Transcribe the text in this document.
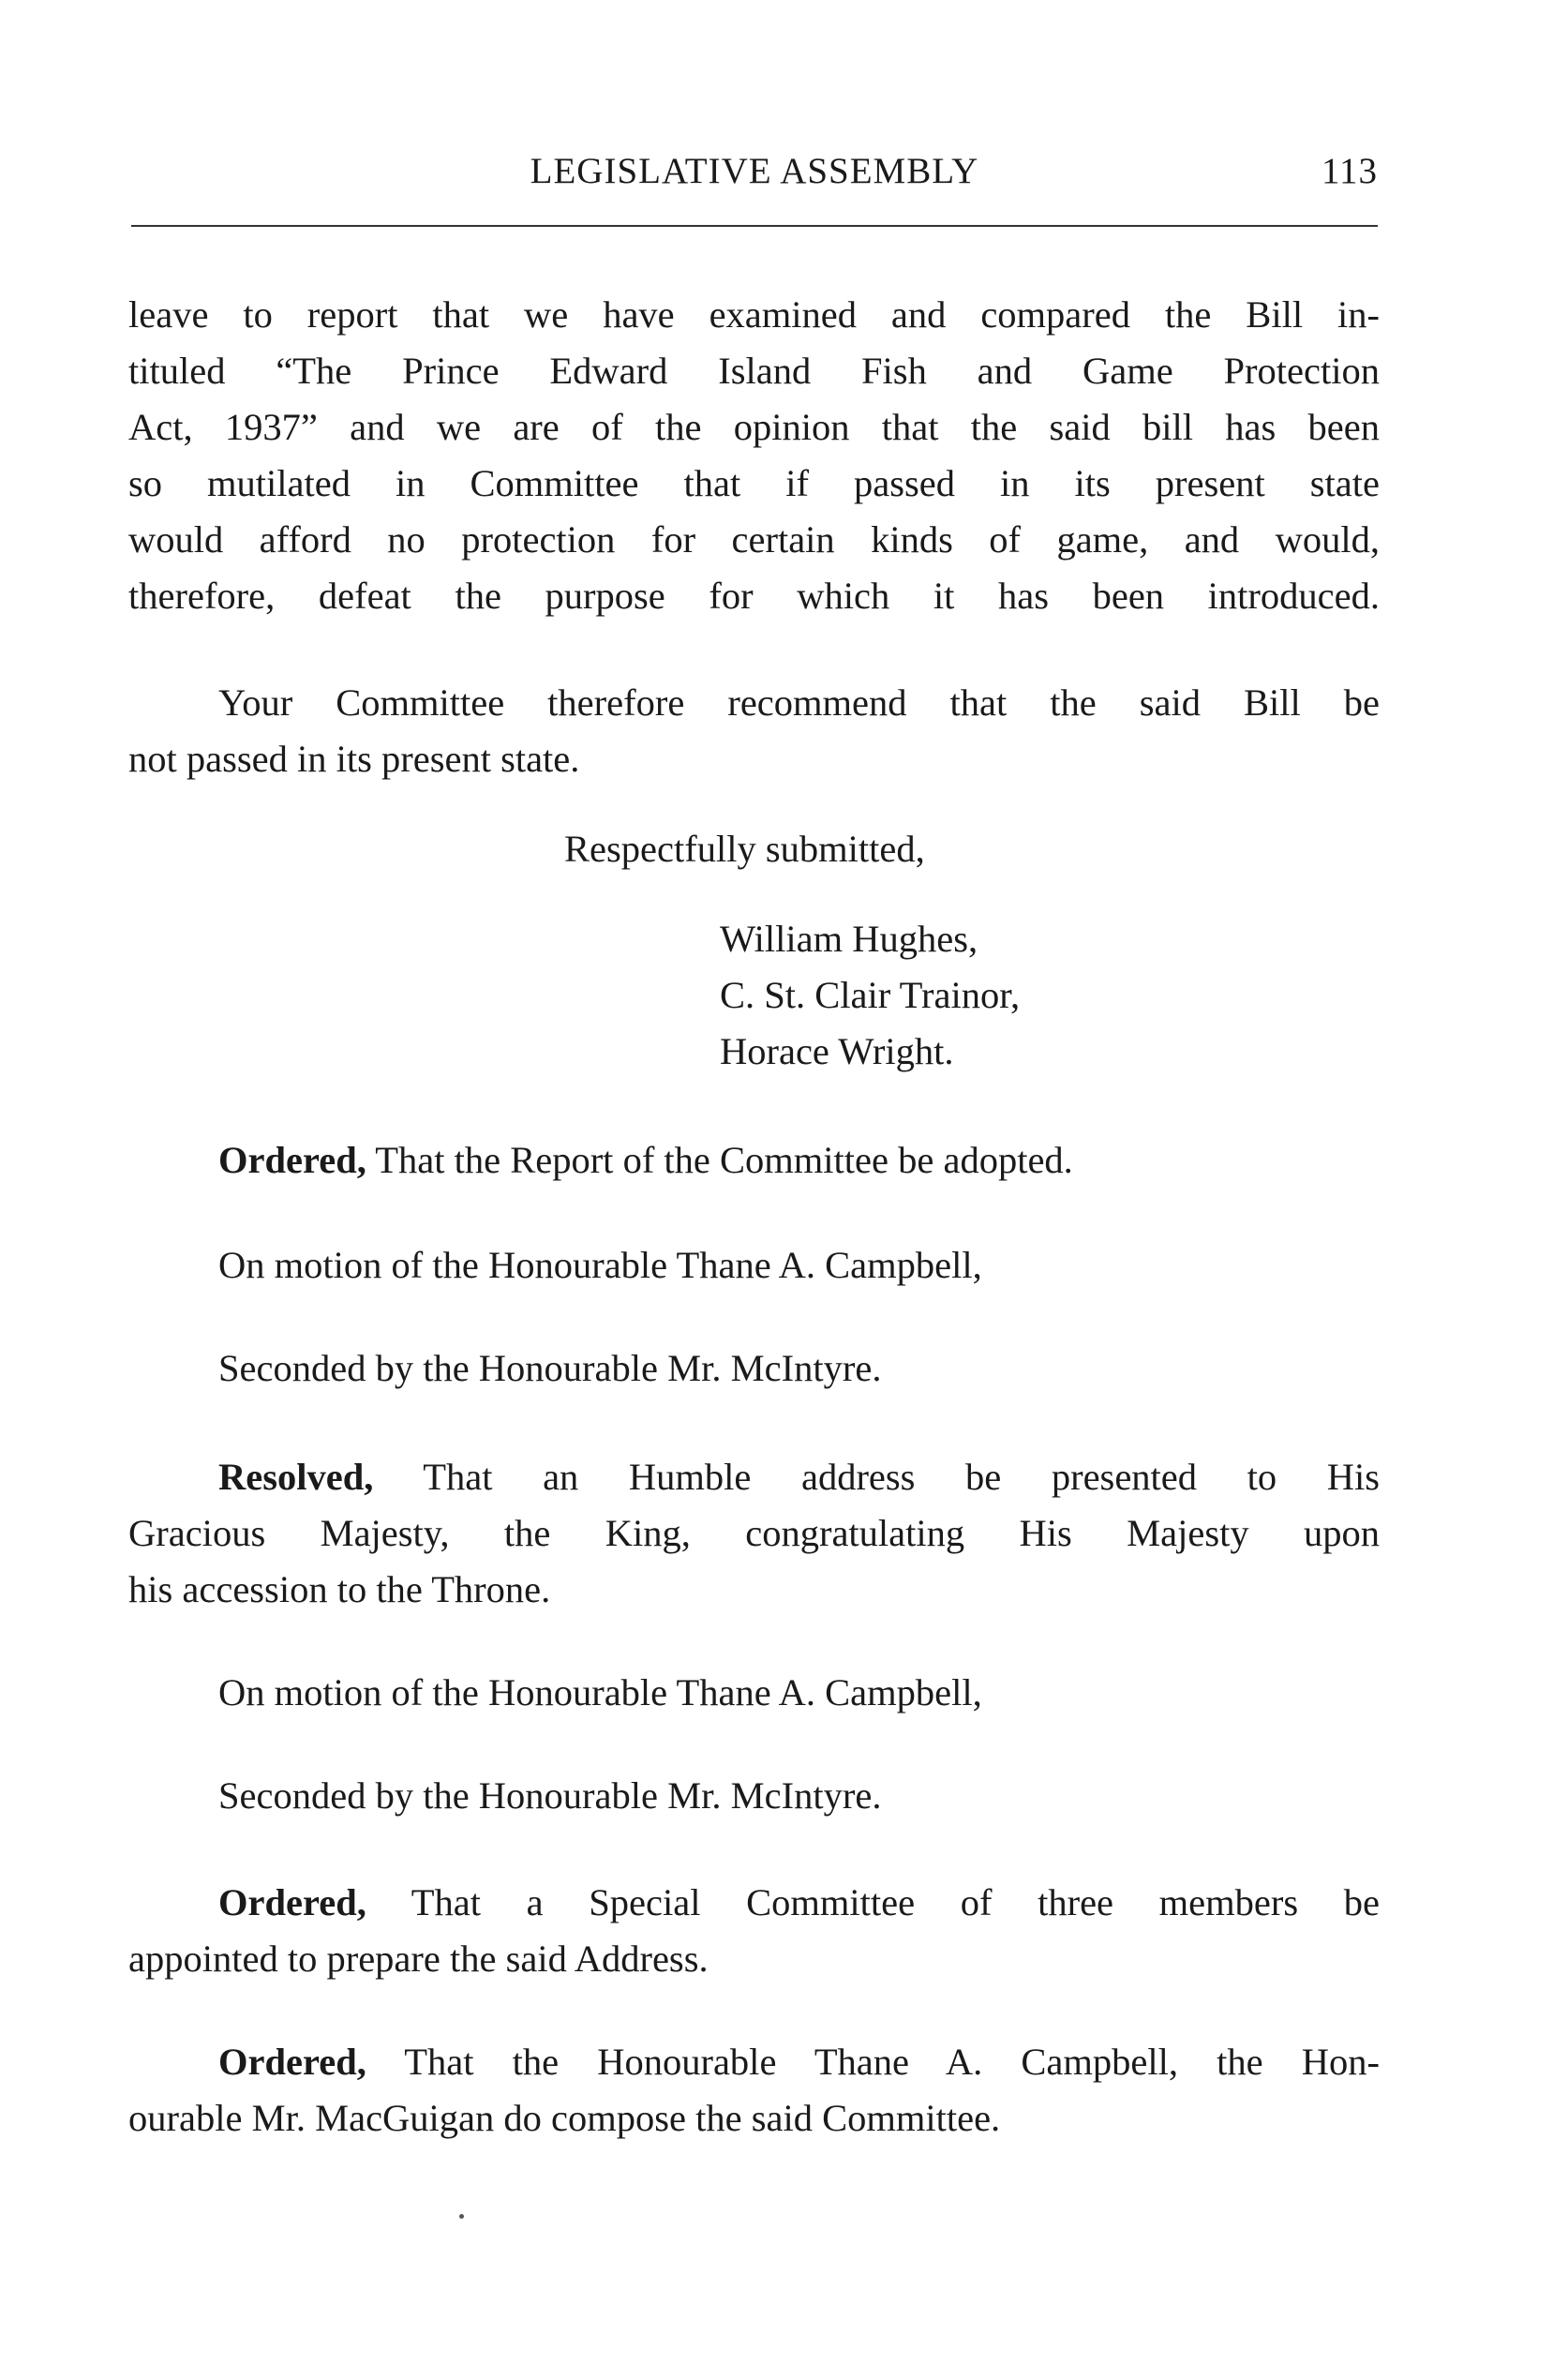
LEGISLATIVE ASSEMBLY	113
leave to report that we have examined and compared the Bill in-
tituled “The Prince Edward Island Fish and Game Protection
Act, 1937” and we are of the opinion that the said bill has been
so mutilated in Committee that if passed in its present state
would afford no protection for certain kinds of game, and would,
therefore, defeat the purpose for which it has been introduced.
Your Committee therefore recommend that the said Bill be
not passed in its present state.
Respectfully submitted,
William Hughes,
C. St. Clair Trainor,
Horace Wright.
Ordered, That the Report of the Committee be adopted.
On motion of the Honourable Thane A. Campbell,
Seconded by the Honourable Mr. McIntyre.
Resolved, That an Humble address be presented to His
Gracious Majesty, the King, congratulating His Majesty upon
his accession to the Throne.
On motion of the Honourable Thane A. Campbell,
Seconded by the Honourable Mr. McIntyre.
Ordered, That a Special Committee of three members be
appointed to prepare the said Address.
Ordered, That the Honourable Thane A. Campbell, the Hon-
ourable Mr. MacGuigan do compose the said Committee.
